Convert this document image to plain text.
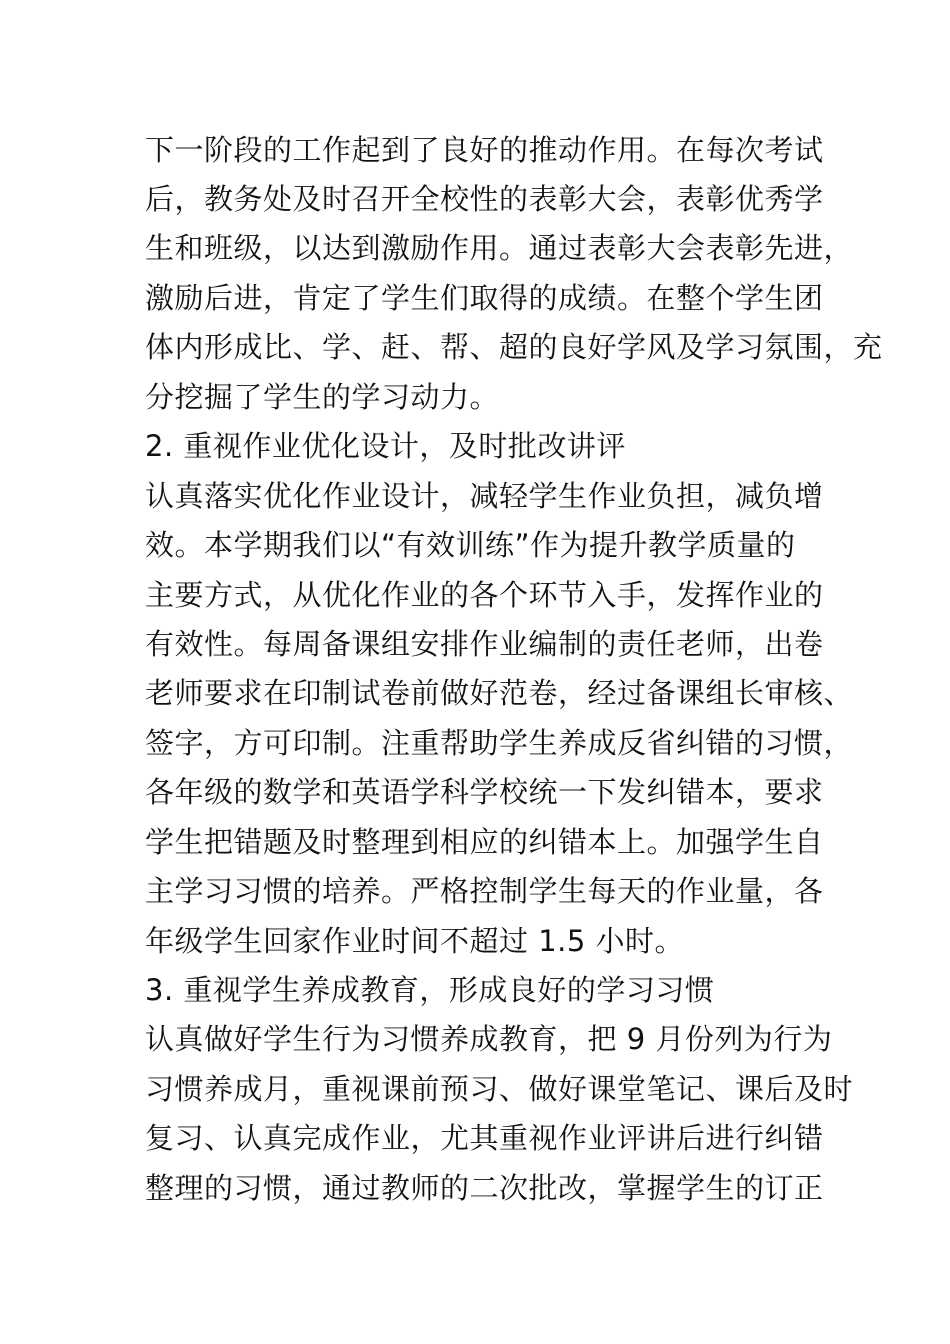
下一阶段的工作起到了良好的推动作用。在每次考试
后，教务处及时召开全校性的表彰大会，表彰优秀学
生和班级，以达到激励作用。通过表彰大会表彰先进，
激励后进，肯定了学生们取得的成绩。在整个学生团
体内形成比、学、赶、帮、超的良好学风及学习氛围，充
分挖掘了学生的学习动力。
2. 重视作业优化设计，及时批改讲评
认真落实优化作业设计，减轻学生作业负担，减负增
效。本学期我们以“有效训练”作为提升教学质量的
主要方式，从优化作业的各个环节入手，发挥作业的
有效性。每周备课组安排作业编制的责任老师，出卷
老师要求在印制试卷前做好范卷，经过备课组长审核、
签字，方可印制。注重帮助学生养成反省纠错的习惯，
各年级的数学和英语学科学校统一下发纠错本，要求
学生把错题及时整理到相应的纠错本上。加强学生自
主学习习惯的培养。严格控制学生每天的作业量，各
年级学生回家作业时间不超过 1.5 小时。
3. 重视学生养成教育，形成良好的学习习惯
认真做好学生行为习惯养成教育，把 9 月份列为行为
习惯养成月，重视课前预习、做好课堂笔记、课后及时
复习、认真完成作业，尤其重视作业评讲后进行纠错
整理的习惯，通过教师的二次批改，掌握学生的订正
